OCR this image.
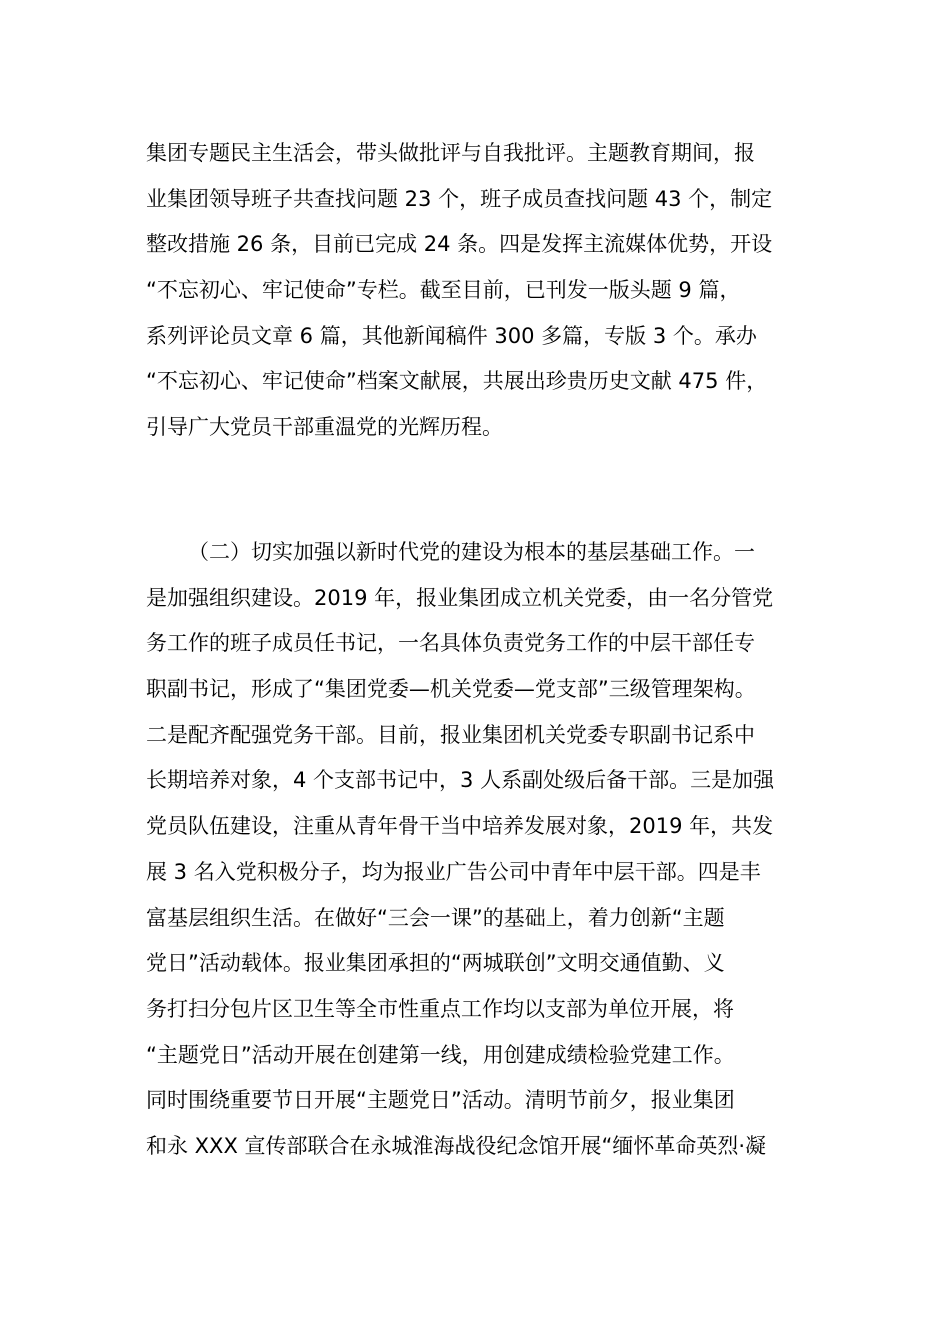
集团专题民主生活会，带头做批评与自我批评。主题教育期间，报
业集团领导班子共查找问题 23 个，班子成员查找问题 43 个，制定
整改措施 26 条，目前已完成 24 条。四是发挥主流媒体优势，开设
“不忘初心、牢记使命”专栏。截至目前，已刊发一版头题 9 篇，
系列评论员文章 6 篇，其他新闻稿件 300 多篇，专版 3 个。承办
“不忘初心、牢记使命”档案文献展，共展出珍贵历史文献 475 件，
引导广大党员干部重温党的光辉历程。
（二）切实加强以新时代党的建设为根本的基层基础工作。一
是加强组织建设。2019 年，报业集团成立机关党委，由一名分管党
务工作的班子成员任书记，一名具体负责党务工作的中层干部任专
职副书记，形成了“集团党委—机关党委—党支部”三级管理架构。
二是配齐配强党务干部。目前，报业集团机关党委专职副书记系中
长期培养对象，4 个支部书记中，3 人系副处级后备干部。三是加强
党员队伍建设，注重从青年骨干当中培养发展对象，2019 年，共发
展 3 名入党积极分子，均为报业广告公司中青年中层干部。四是丰
富基层组织生活。在做好“三会一课”的基础上，着力创新“主题
党日”活动载体。报业集团承担的“两城联创”文明交通值勤、义
务打扫分包片区卫生等全市性重点工作均以支部为单位开展，将
“主题党日”活动开展在创建第一线，用创建成绩检验党建工作。
同时围绕重要节日开展“主题党日”活动。清明节前夕，报业集团
和永 XXX 宣传部联合在永城淮海战役纪念馆开展“缅怀革命英烈·凝
